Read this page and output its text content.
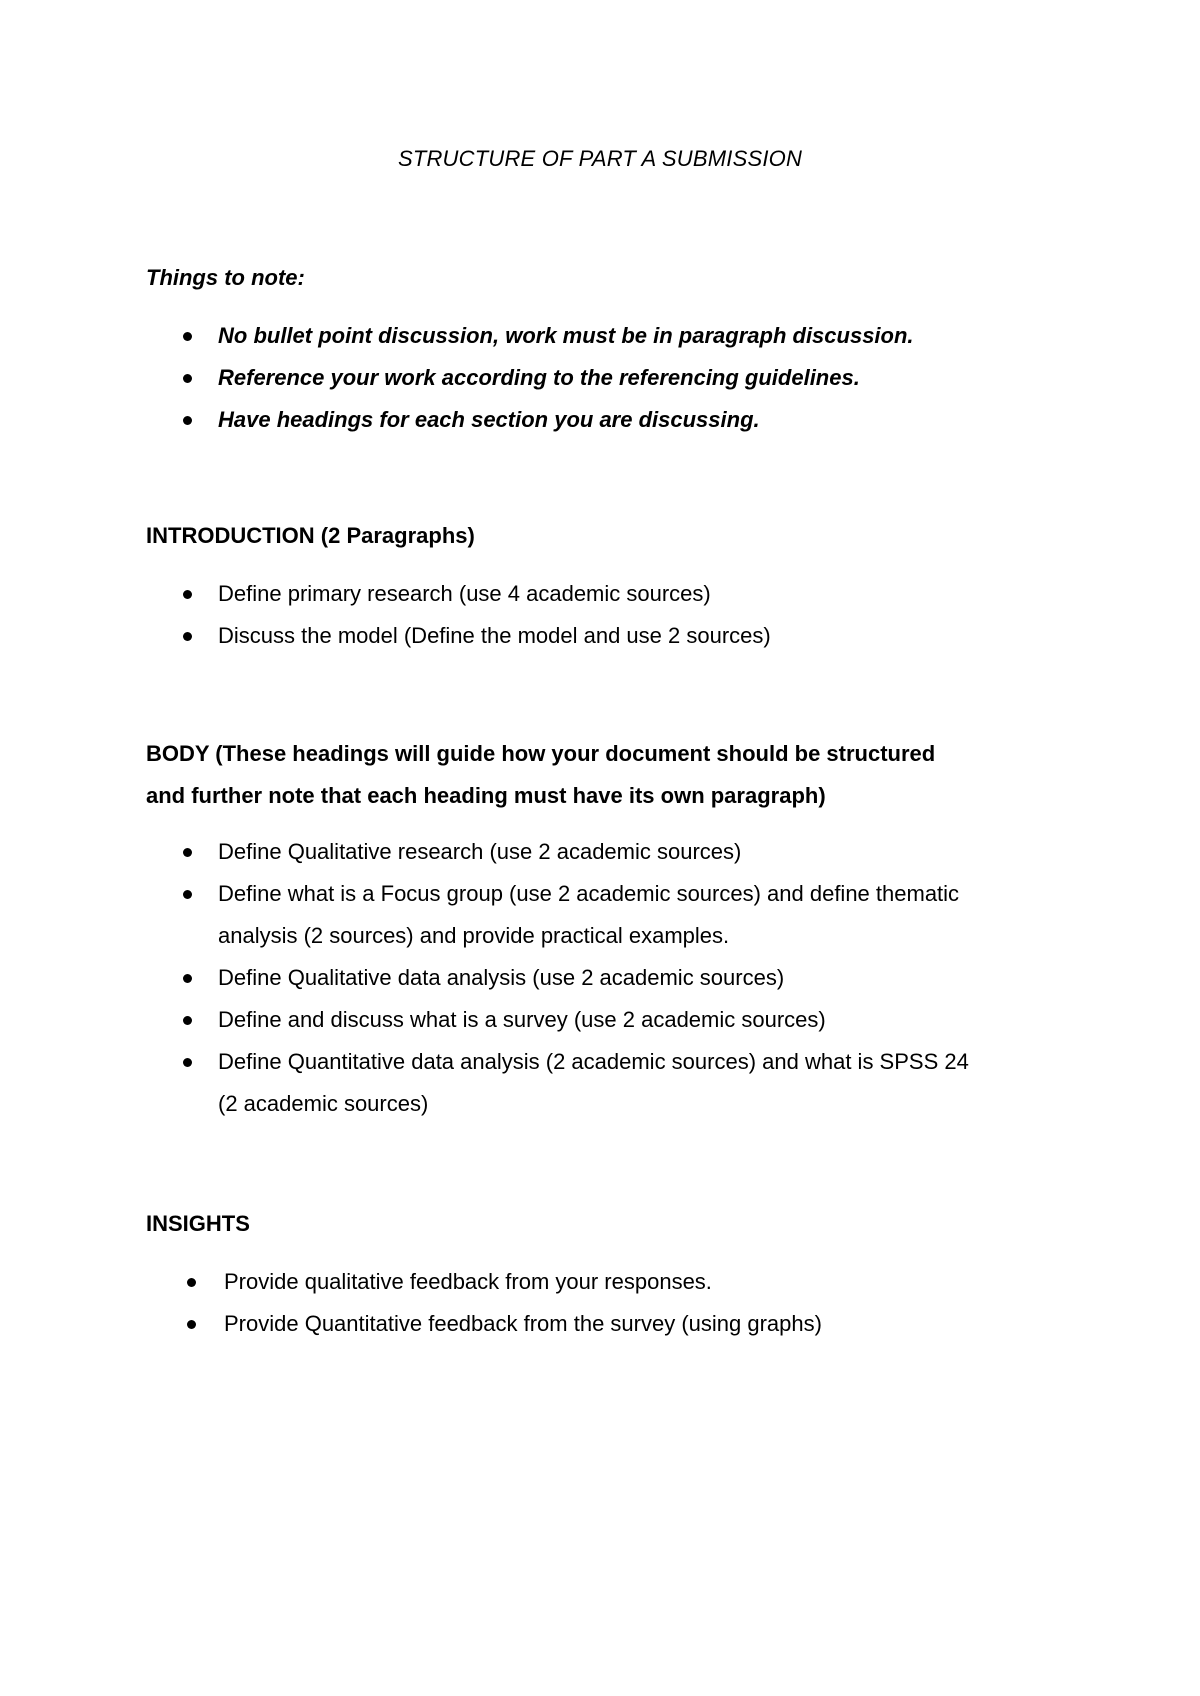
STRUCTURE OF PART A SUBMISSION
Things to note:
No bullet point discussion, work must be in paragraph discussion.
Reference your work according to the referencing guidelines.
Have headings for each section you are discussing.
INTRODUCTION (2 Paragraphs)
Define primary research (use 4 academic sources)
Discuss the model (Define the model and use 2 sources)
BODY (These headings will guide how your document should be structured
and further note that each heading must have its own paragraph)
Define Qualitative research (use 2 academic sources)
Define what is a Focus group (use 2 academic sources) and define thematic
analysis (2 sources) and provide practical examples.
Define Qualitative data analysis (use 2 academic sources)
Define and discuss what is a survey (use 2 academic sources)
Define Quantitative data analysis (2 academic sources) and what is SPSS 24
(2 academic sources)
INSIGHTS
Provide qualitative feedback from your responses.
Provide Quantitative feedback from the survey (using graphs)
